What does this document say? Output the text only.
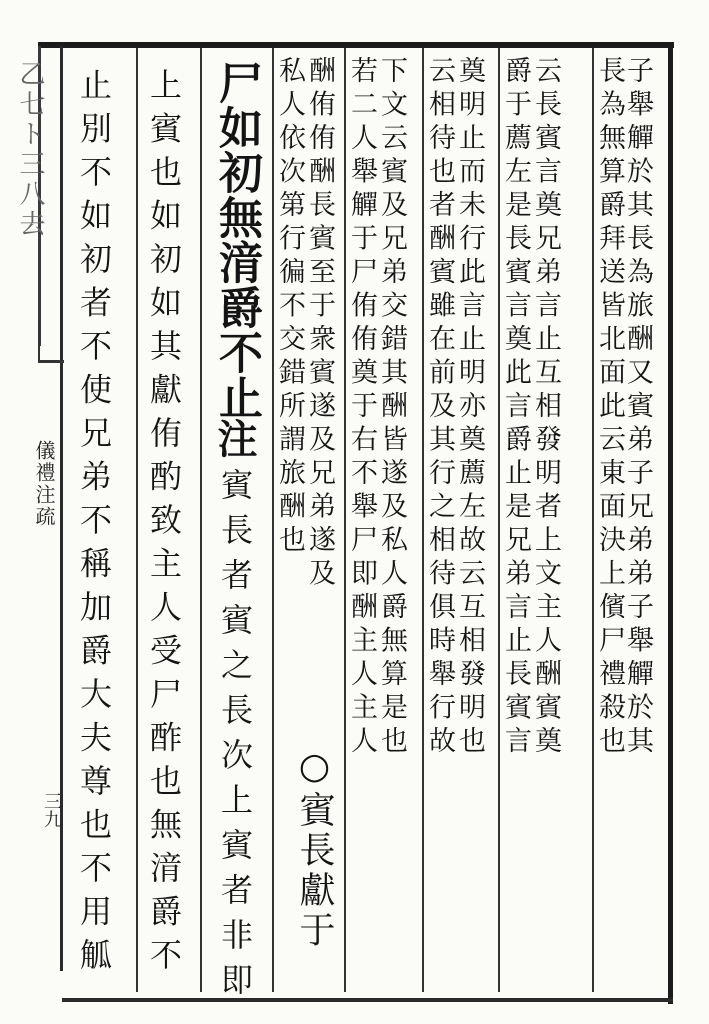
乙七ト三八去
儀禮注疏
三九
子舉觶於其長為旅酬又賓弟子兄弟弟子舉觶於其
長為無算爵拜送皆北面此云東面決上儐尸禮殺也
云長賓言奠兄弟言止互相發明者上文主人酬賓奠
爵于薦左是長賓言奠此言爵止是兄弟言止長賓言
奠明止而未行此言止明亦奠薦左故云互相發明也
云相待也者酬賓雖在前及其行之相待俱時舉行故
下文云賓及兄弟交錯其酬皆遂及私人爵無算是也
若二人舉觶于尸侑侑奠于右不舉尸即酬主人主人
酬侑侑酬長賓至于衆賓遂及兄弟遂及
○賓長獻于
私人依次第行徧不交錯所謂旅酬也
尸如初無湇爵不止
注
賓長者賓之長次上賓者非即
上賓也如初如其獻侑酌致主人受尸酢也無湇爵不
止別不如初者不使兄弟不稱加爵大夫尊也不用觚
